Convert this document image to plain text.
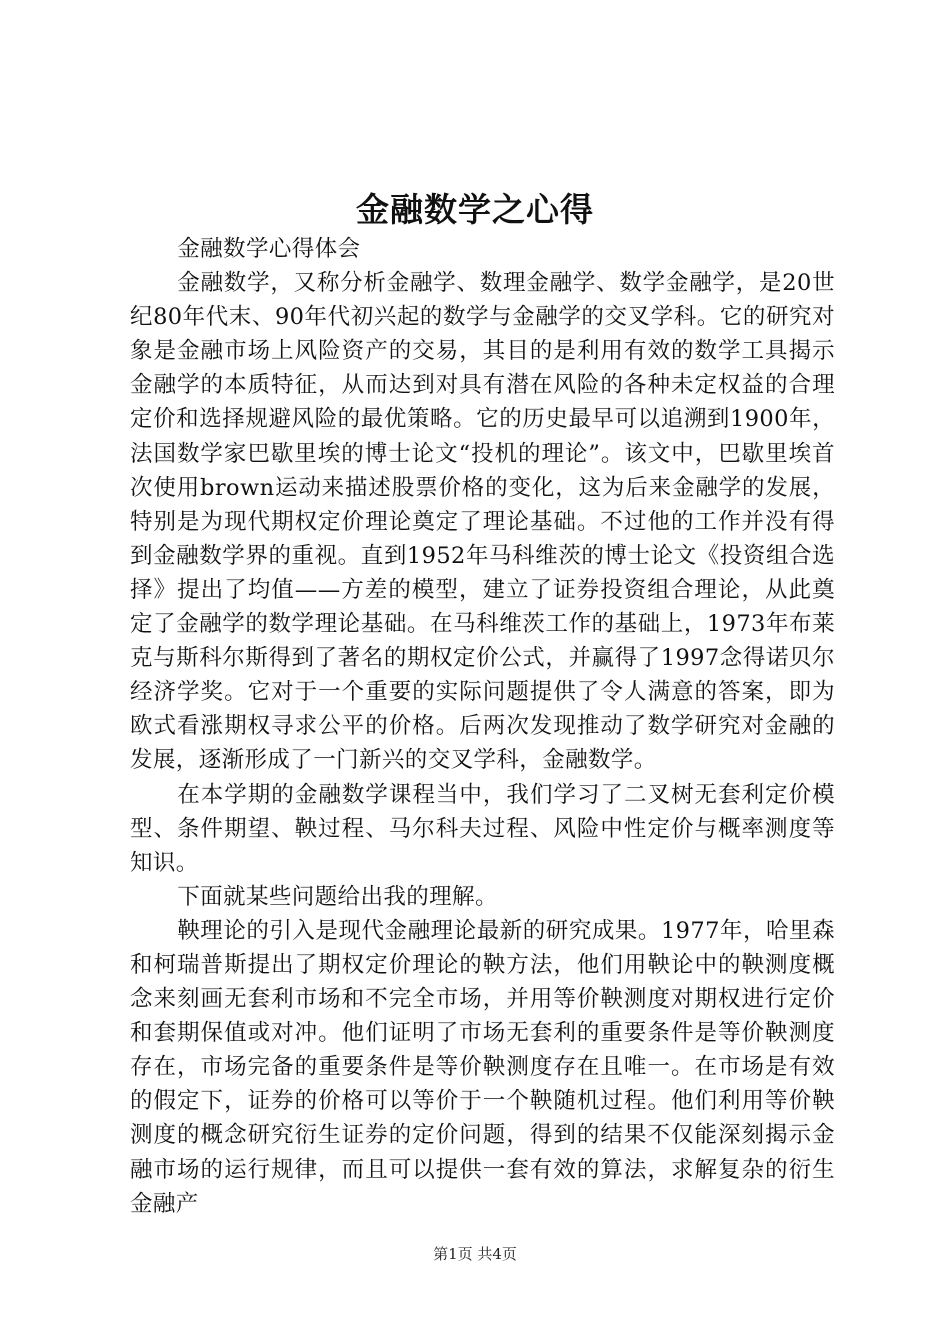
金融数学之心得

金融数学心得体会

金融数学，又称分析金融学、数理金融学、数学金融学，是20世纪80年代末、90年代初兴起的数学与金融学的交叉学科。它的研究对象是金融市场上风险资产的交易，其目的是利用有效的数学工具揭示金融学的本质特征，从而达到对具有潜在风险的各种未定权益的合理定价和选择规避风险的最优策略。它的历史最早可以追溯到1900年，法国数学家巴歇里埃的博士论文“投机的理论”。该文中，巴歇里埃首次使用brown运动来描述股票价格的变化，这为后来金融学的发展，特别是为现代期权定价理论奠定了理论基础。不过他的工作并没有得到金融数学界的重视。直到1952年马科维茨的博士论文《投资组合选择》提出了均值——方差的模型，建立了证券投资组合理论，从此奠定了金融学的数学理论基础。在马科维茨工作的基础上，1973年布莱克与斯科尔斯得到了著名的期权定价公式，并赢得了1997念得诺贝尔经济学奖。它对于一个重要的实际问题提供了令人满意的答案，即为欧式看涨期权寻求公平的价格。后两次发现推动了数学研究对金融的发展，逐渐形成了一门新兴的交叉学科，金融数学。

在本学期的金融数学课程当中，我们学习了二叉树无套利定价模型、条件期望、鞅过程、马尔科夫过程、风险中性定价与概率测度等知识。

下面就某些问题给出我的理解。

鞅理论的引入是现代金融理论最新的研究成果。1977年，哈里森和柯瑞普斯提出了期权定价理论的鞅方法，他们用鞅论中的鞅测度概念来刻画无套利市场和不完全市场，并用等价鞅测度对期权进行定价和套期保值或对冲。他们证明了市场无套利的重要条件是等价鞅测度存在，市场完备的重要条件是等价鞅测度存在且唯一。在市场是有效的假定下，证券的价格可以等价于一个鞅随机过程。他们利用等价鞅测度的概念研究衍生证券的定价问题，得到的结果不仅能深刻揭示金融市场的运行规律，而且可以提供一套有效的算法，求解复杂的衍生金融产

第1页 共4页
